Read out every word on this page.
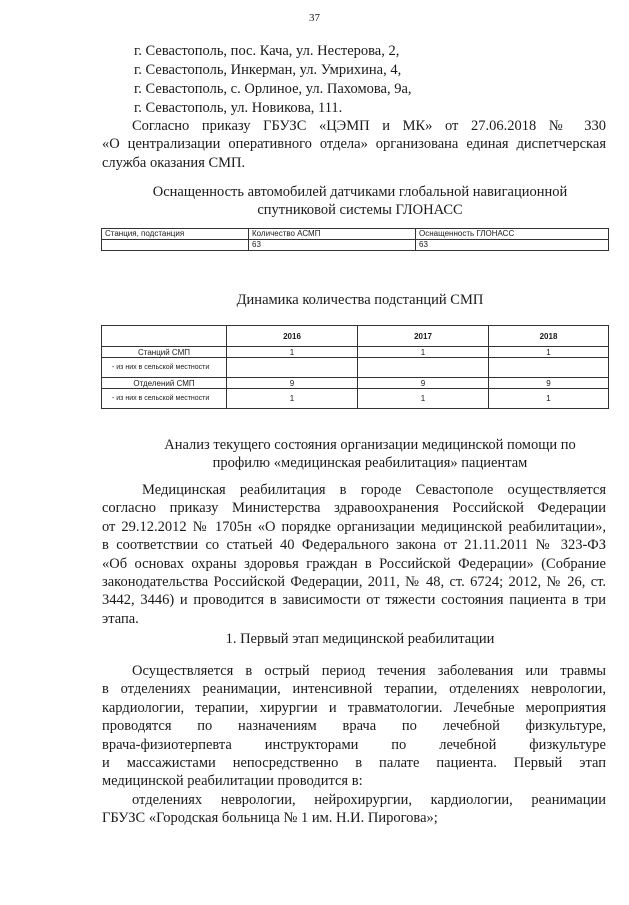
37
г. Севастополь, пос. Кача, ул. Нестерова, 2,
г. Севастополь, Инкерман, ул. Умрихина, 4,
г. Севастополь, с. Орлиное, ул. Пахомова, 9а,
г. Севастополь, ул. Новикова, 111.
Согласно приказу ГБУЗС «ЦЭМП и МК» от 27.06.2018 № 330
«О централизации оперативного отдела» организована единая диспетчерская
служба оказания СМП.
Оснащенность автомобилей датчиками глобальной навигационной
спутниковой системы ГЛОНАСС
Станция, подстанция	Количество АСМП	Оснащенность ГЛОНАСС
	63	63
Динамика количества подстанций СМП
	2016	2017	2018
Станций СМП	1	1	1
- из них в сельской местности			
Отделений СМП	9	9	9
- из них в сельской местности	1	1	1
Анализ текущего состояния организации медицинской помощи по
профилю «медицинская реабилитация» пациентам
Медицинская реабилитация в городе Севастополе осуществляется
согласно приказу Министерства здравоохранения Российской Федерации
от 29.12.2012 № 1705н «О порядке организации медицинской реабилитации»,
в соответствии со статьей 40 Федерального закона от 21.11.2011 № 323-ФЗ
«Об основах охраны здоровья граждан в Российской Федерации» (Собрание
законодательства Российской Федерации, 2011, № 48, ст. 6724; 2012, № 26, ст.
3442, 3446) и проводится в зависимости от тяжести состояния пациента в три
этапа.
1. Первый этап медицинской реабилитации
Осуществляется в острый период течения заболевания или травмы
в отделениях реанимации, интенсивной терапии, отделениях неврологии,
кардиологии, терапии, хирургии и травматологии. Лечебные мероприятия
проводятся по назначениям врача по лечебной физкультуре,
врача-физиотерпевта инструкторами по лечебной физкультуре
и массажистами непосредственно в палате пациента. Первый этап
медицинской реабилитации проводится в:
отделениях неврологии, нейрохирургии, кардиологии, реанимации
ГБУЗС «Городская больница № 1 им. Н.И. Пирогова»;
